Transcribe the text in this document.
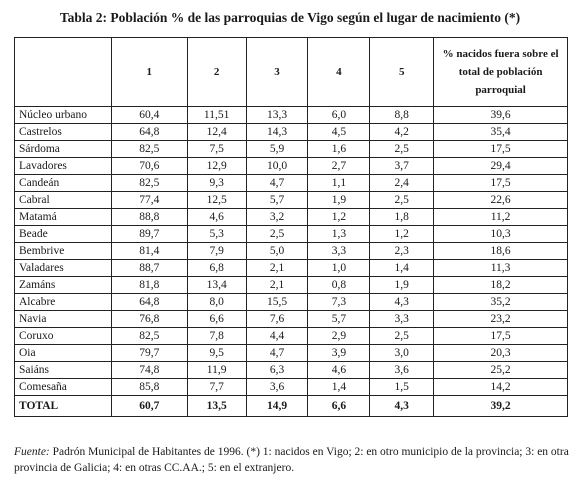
Tabla 2: Población % de las parroquias de Vigo según el lugar de nacimiento (*)
	1	2	3	4	5	% nacidos fuera sobre el total de población parroquial
Núcleo urbano	60,4	11,51	13,3	6,0	8,8	39,6
Castrelos	64,8	12,4	14,3	4,5	4,2	35,4
Sárdoma	82,5	7,5	5,9	1,6	2,5	17,5
Lavadores	70,6	12,9	10,0	2,7	3,7	29,4
Candeán	82,5	9,3	4,7	1,1	2,4	17,5
Cabral	77,4	12,5	5,7	1,9	2,5	22,6
Matamá	88,8	4,6	3,2	1,2	1,8	11,2
Beade	89,7	5,3	2,5	1,3	1,2	10,3
Bembrive	81,4	7,9	5,0	3,3	2,3	18,6
Valadares	88,7	6,8	2,1	1,0	1,4	11,3
Zamáns	81,8	13,4	2,1	0,8	1,9	18,2
Alcabre	64,8	8,0	15,5	7,3	4,3	35,2
Navia	76,8	6,6	7,6	5,7	3,3	23,2
Coruxo	82,5	7,8	4,4	2,9	2,5	17,5
Oia	79,7	9,5	4,7	3,9	3,0	20,3
Saiáns	74,8	11,9	6,3	4,6	3,6	25,2
Comesaña	85,8	7,7	3,6	1,4	1,5	14,2
TOTAL	60,7	13,5	14,9	6,6	4,3	39,2
Fuente: Padrón Municipal de Habitantes de 1996. (*) 1: nacidos en Vigo; 2: en otro municipio de la provincia; 3: en otra provincia de Galicia; 4: en otras CC.AA.; 5: en el extranjero.
